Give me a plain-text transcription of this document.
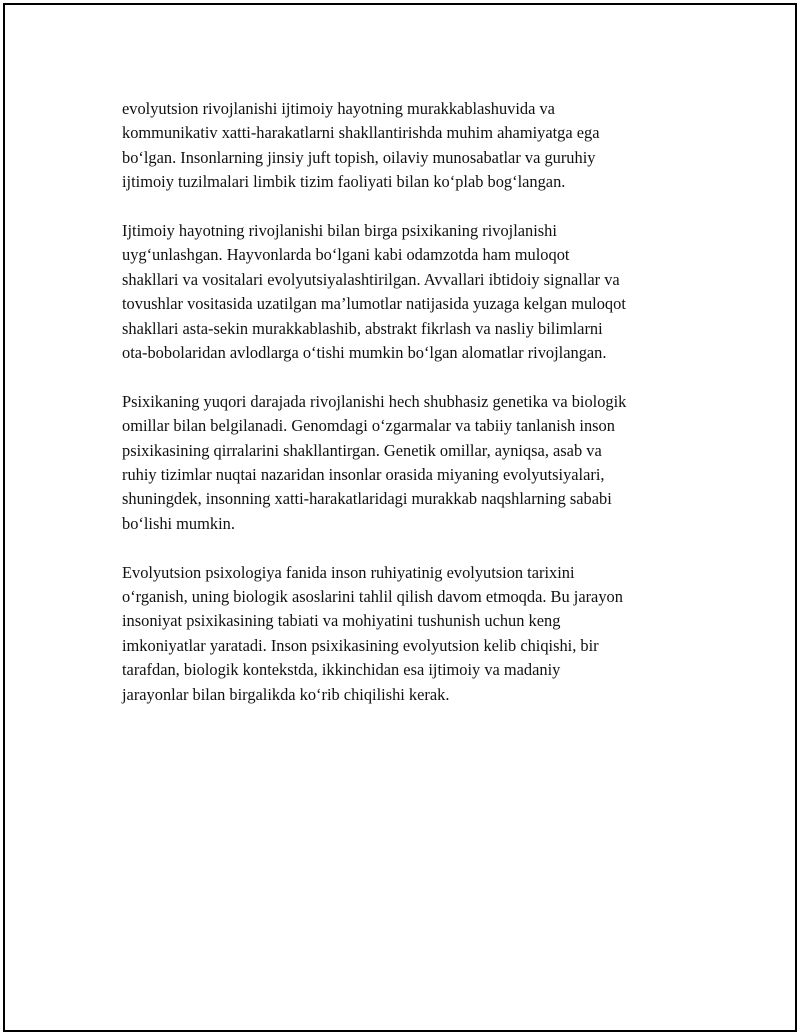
evolyutsion rivojlanishi ijtimoiy hayotning murakkablashuvida va
kommunikativ xatti-harakatlarni shakllantirishda muhim ahamiyatga ega
bo‘lgan. Insonlarning jinsiy juft topish, oilaviy munosabatlar va guruhiy
ijtimoiy tuzilmalari limbik tizim faoliyati bilan ko‘plab bog‘langan.

Ijtimoiy hayotning rivojlanishi bilan birga psixikaning rivojlanishi
uyg‘unlashgan. Hayvonlarda bo‘lgani kabi odamzotda ham muloqot
shakllari va vositalari evolyutsiyalashtirilgan. Avvallari ibtidoiy signallar va
tovushlar vositasida uzatilgan ma’lumotlar natijasida yuzaga kelgan muloqot
shakllari asta-sekin murakkablashib, abstrakt fikrlash va nasliy bilimlarni
ota-bobolaridan avlodlarga o‘tishi mumkin bo‘lgan alomatlar rivojlangan.

Psixikaning yuqori darajada rivojlanishi hech shubhasiz genetika va biologik
omillar bilan belgilanadi. Genomdagi o‘zgarmalar va tabiiy tanlanish inson
psixikasining qirralarini shakllantirgan. Genetik omillar, ayniqsa, asab va
ruhiy tizimlar nuqtai nazaridan insonlar orasida miyaning evolyutsiyalari,
shuningdek, insonning xatti-harakatlaridagi murakkab naqshlarning sababi
bo‘lishi mumkin.

Evolyutsion psixologiya fanida inson ruhiyatinig evolyutsion tarixini
o‘rganish, uning biologik asoslarini tahlil qilish davom etmoqda. Bu jarayon
insoniyat psixikasining tabiati va mohiyatini tushunish uchun keng
imkoniyatlar yaratadi. Inson psixikasining evolyutsion kelib chiqishi, bir
tarafdan, biologik kontekstda, ikkinchidan esa ijtimoiy va madaniy
jarayonlar bilan birgalikda ko‘rib chiqilishi kerak.
